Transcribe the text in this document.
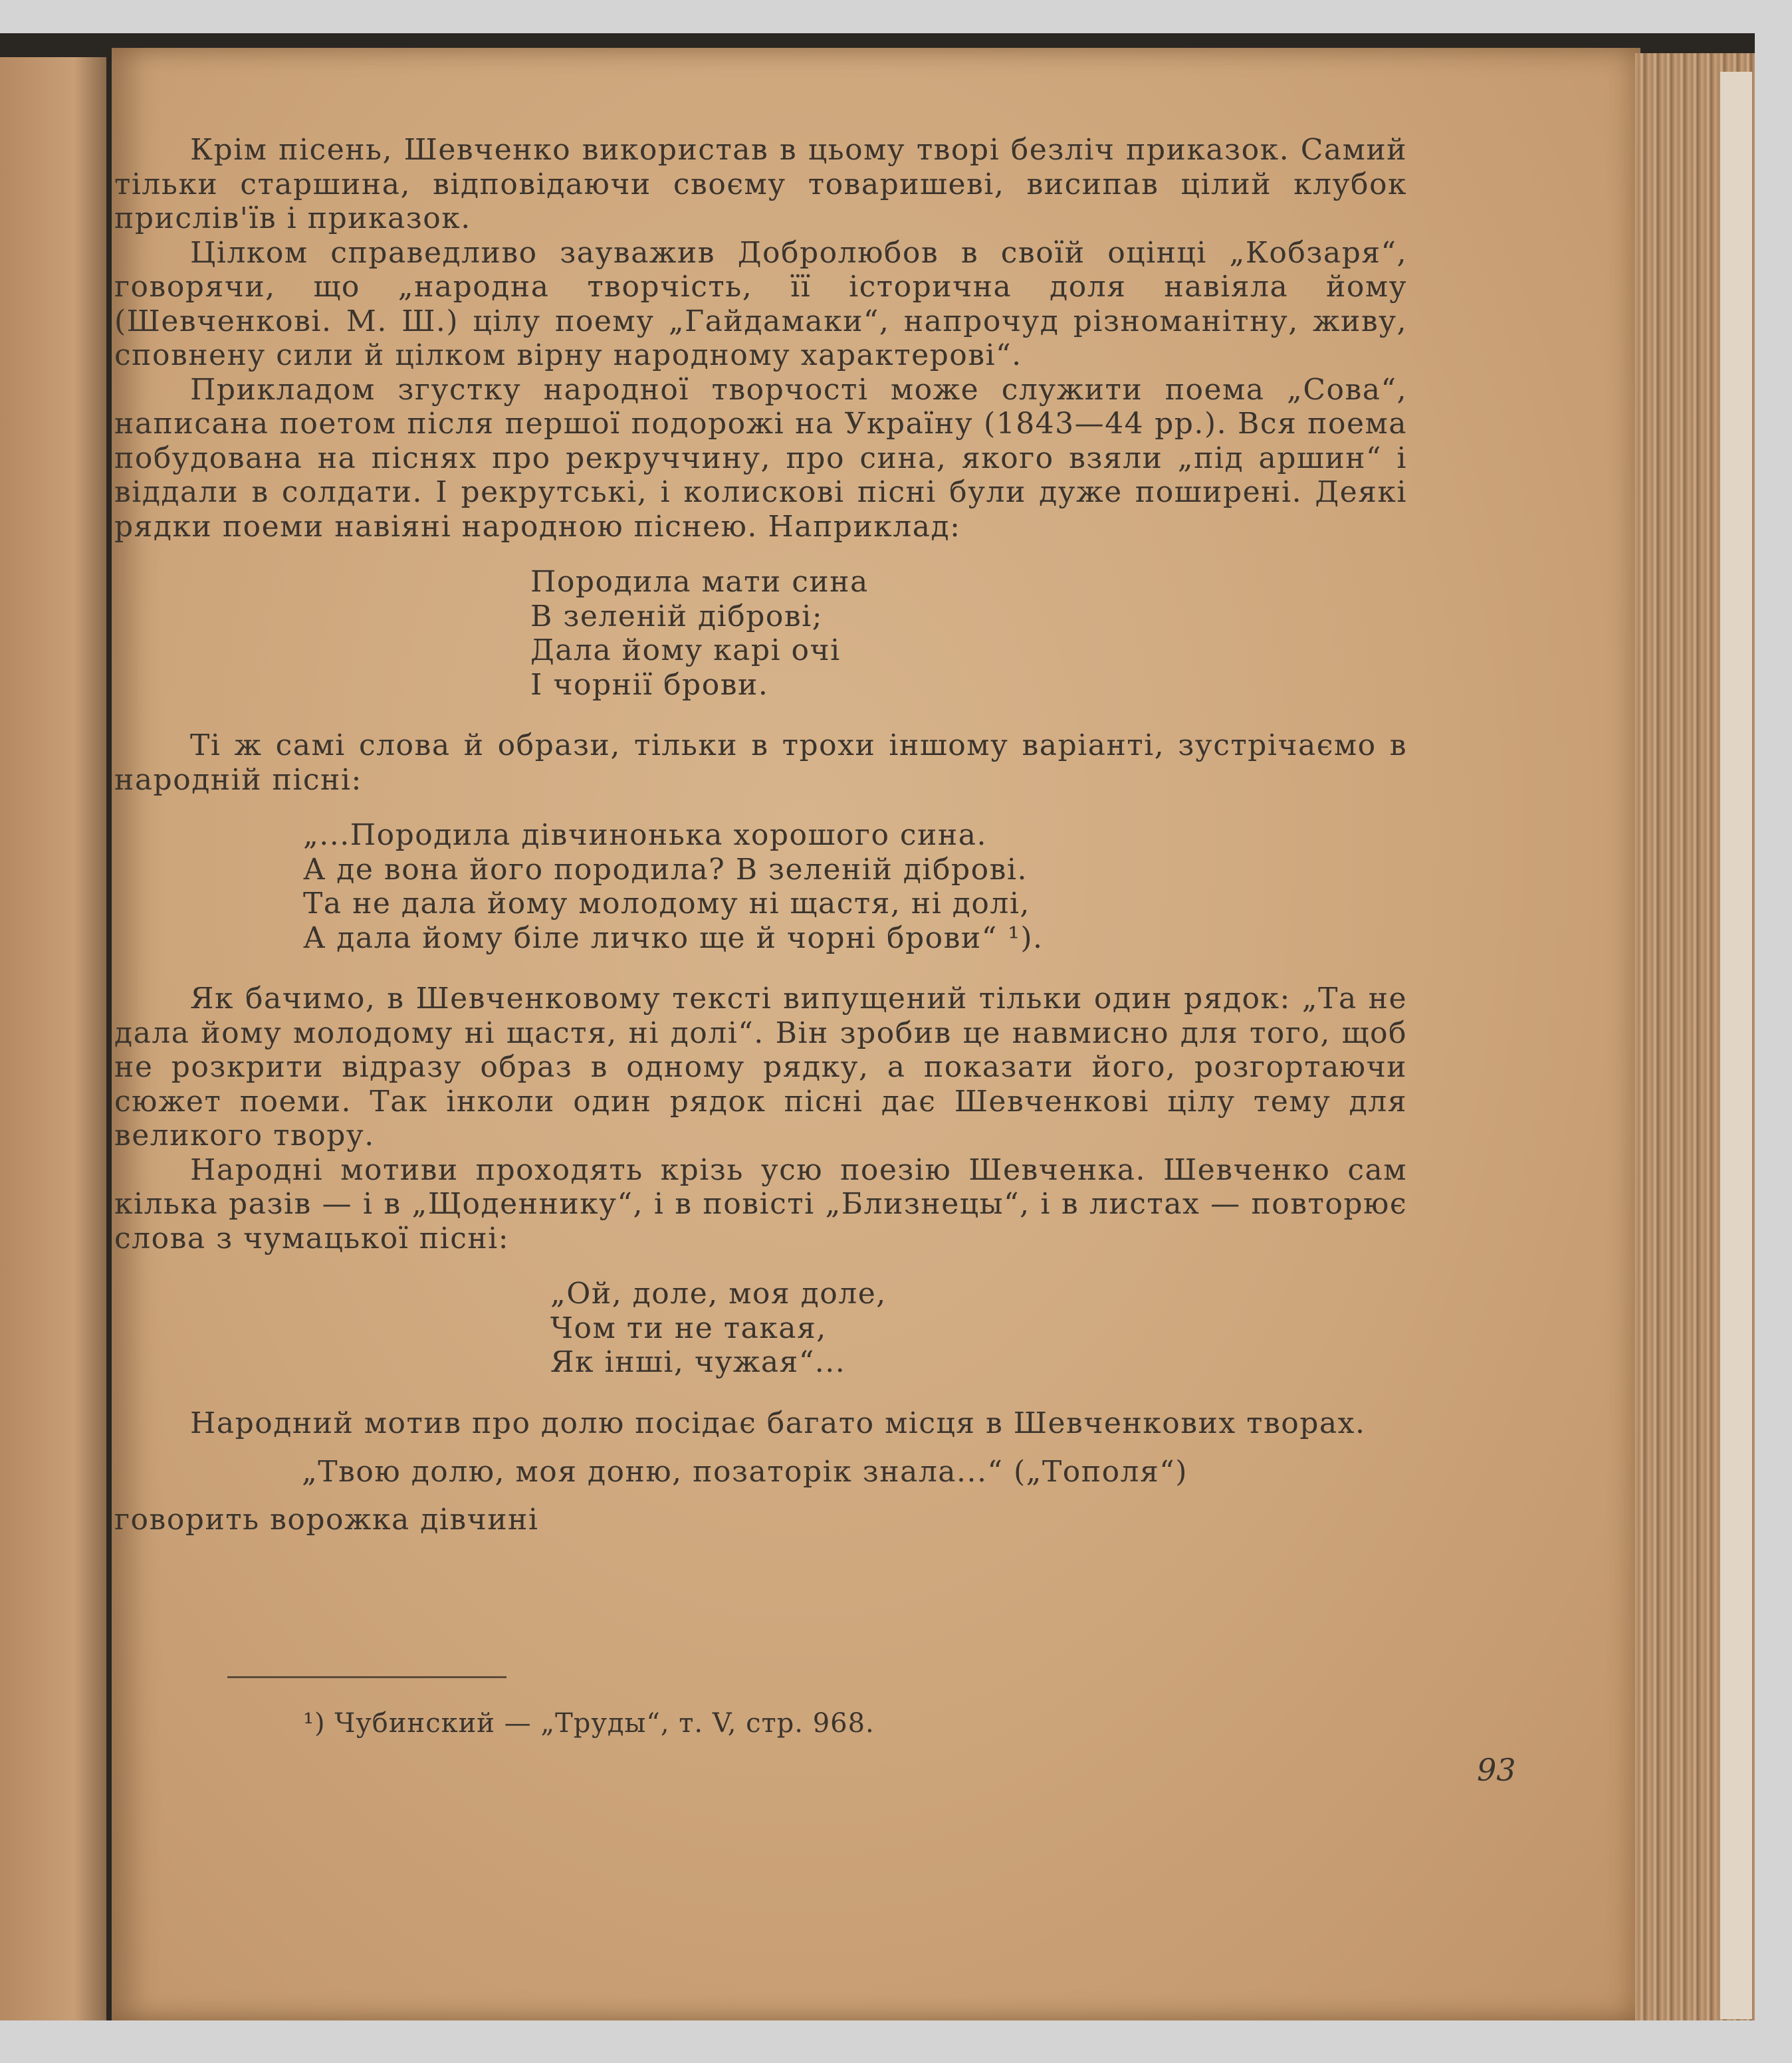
Крім пісень, Шевченко використав в цьому творі безліч приказок. Самий тільки старшина, відповідаючи своєму товаришеві, висипав цілий клубок прислів'їв і приказок.

Цілком справедливо зауважив Добролюбов в своїй оцінці „Кобзаря“, говорячи, що „народна творчість, її історична доля навіяла йому (Шевченкові. М. Ш.) цілу поему „Гайдамаки“, напрочуд різноманітну, живу, сповнену сили й цілком вірну народному характерові“.

Прикладом згустку народної творчості може служити поема „Сова“, написана поетом після першої подорожі на Україну (1843—44 рр.). Вся поема побудована на піснях про рекруччину, про сина, якого взяли „під аршин“ і віддали в солдати. І рекрутські, і колискові пісні були дуже поширені. Деякі рядки поеми навіяні народною піснею. Наприклад:

Породила мати сина
В зеленій діброві;
Дала йому карі очі
І чорнії брови.

Ті ж самі слова й образи, тільки в трохи іншому варіанті, зустрічаємо в народній пісні:

„...Породила дівчинонька хорошого сина.
А де вона його породила? В зеленій діброві.
Та не дала йому молодому ні щастя, ні долі,
А дала йому біле личко ще й чорні брови“ ¹).

Як бачимо, в Шевченковому тексті випущений тільки один рядок: „Та не дала йому молодому ні щастя, ні долі“. Він зробив це навмисно для того, щоб не розкрити відразу образ в одному рядку, а показати його, розгортаючи сюжет поеми. Так інколи один рядок пісні дає Шевченкові цілу тему для великого твору.

Народні мотиви проходять крізь усю поезію Шевченка. Шевченко сам кілька разів — і в „Щоденнику“, і в повісті „Близнецы“, і в листах — повторює слова з чумацької пісні:

„Ой, доле, моя доле,
Чом ти не такая,
Як інші, чужая“...

Народний мотив про долю посідає багато місця в Шевченкових творах.

„Твою долю, моя доню, позаторік знала...“ („Тополя“)

говорить ворожка дівчині

¹) Чубинский — „Труды“, т. V, стр. 968.
93
